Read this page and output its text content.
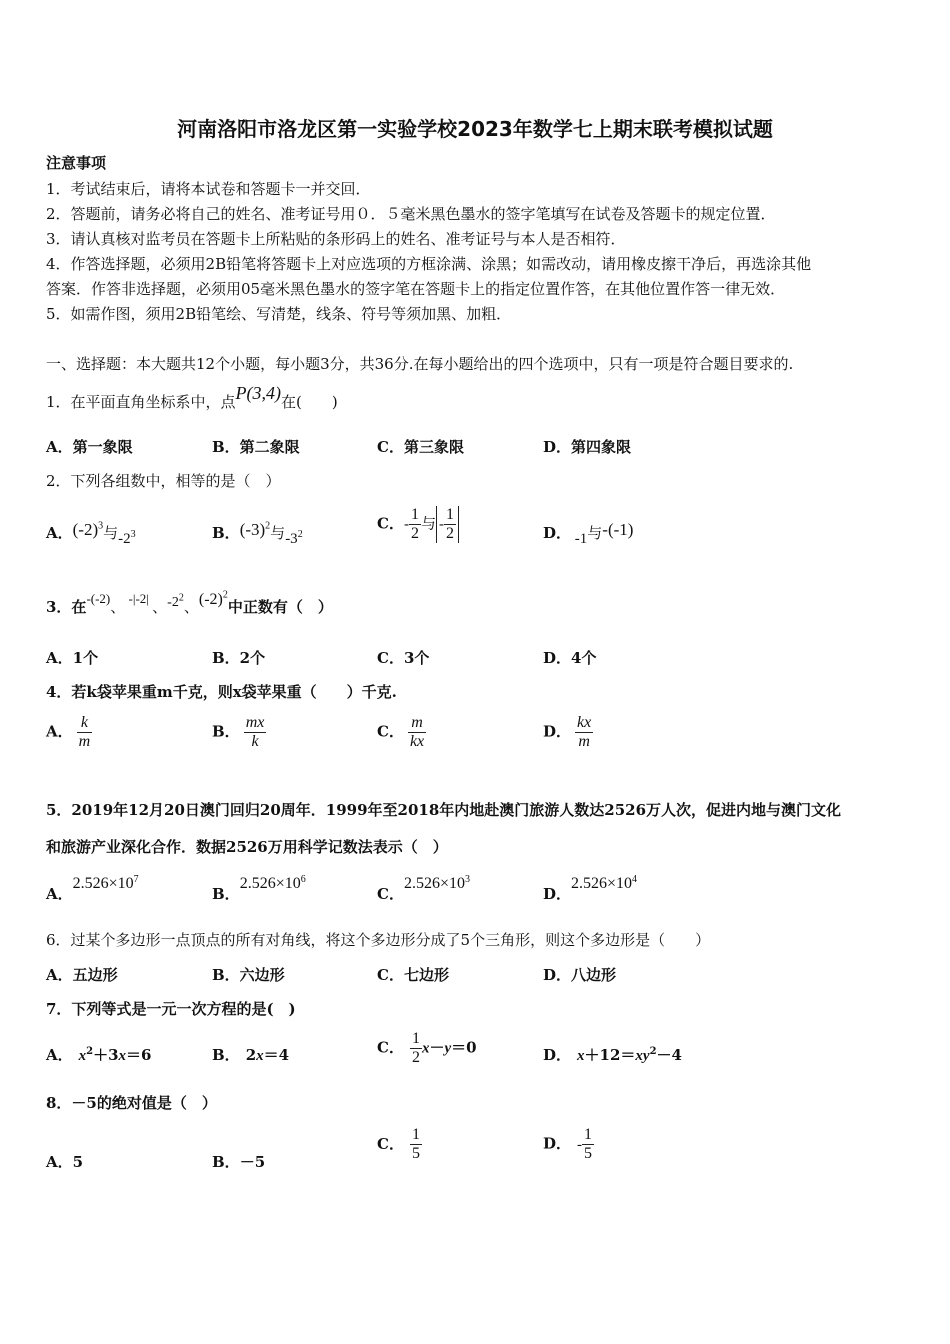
河南洛阳市洛龙区第一实验学校2023年数学七上期末联考模拟试题
注意事项
1．考试结束后，请将本试卷和答题卡一并交回．
2．答题前，请务必将自己的姓名、准考证号用０．５毫米黑色墨水的签字笔填写在试卷及答题卡的规定位置．
3．请认真核对监考员在答题卡上所粘贴的条形码上的姓名、准考证号与本人是否相符．
4．作答选择题，必须用2B铅笔将答题卡上对应选项的方框涂满、涂黑；如需改动，请用橡皮擦干净后，再选涂其他
答案．作答非选择题，必须用05毫米黑色墨水的签字笔在答题卡上的指定位置作答，在其他位置作答一律无效．
5．如需作图，须用2B铅笔绘、写清楚，线条、符号等须加黑、加粗．
一、选择题：本大题共12个小题，每小题3分，共36分.在每小题给出的四个选项中，只有一项是符合题目要求的.
1．在平面直角坐标系中，点P(3,4)在(　　)
A．第一象限	B．第二象限	C．第三象限	D．第四象限
2．下列各组数中，相等的是（　）
A．$(-2)^3$与$-2^3$	B．$(-3)^2$与$-3^2$
C．- $\frac{1}{2}$ 与 - $\frac{1}{2}$	D． -1与-(-1)
3．在-(-2)、 -|-2| 、$-2^2$、$(-2)^2$中正数有（　）
A．1个	B．2个	C．3个	D．4个
4．若k袋苹果重m千克，则x袋苹果重（　　）千克.
A． $\frac{k}{m}$	B． $\frac{mx}{k}$	C． $\frac{m}{kx}$	D． $\frac{kx}{m}$
5．2019年12月20日澳门回归20周年．1999年至2018年内地赴澳门旅游人数达2526万人次，促进内地与澳门文化
和旅游产业深化合作．数据2526万用科学记数法表示（　）
A．$2.526\times 10^7$
B．$2.526\times 10^6$
C．$2.526\times 10^3$
D．$2.526\times 10^4$
6．过某个多边形一点顶点的所有对角线，将这个多边形分成了5个三角形，则这个多边形是（　　）
A．五边形	B．六边形	C．七边形	D．八边形
7．下列等式是一元一次方程的是(　)
A． $x^2+3x=6$	B． 2x＝4	C． $\frac{1}{2} x-y=0$	D． $x+12=xy^2-4$
8．－5的绝对值是（　）
A．5	B．－5
C． $\frac{1}{5}$	D． - $\frac{1}{5}$
